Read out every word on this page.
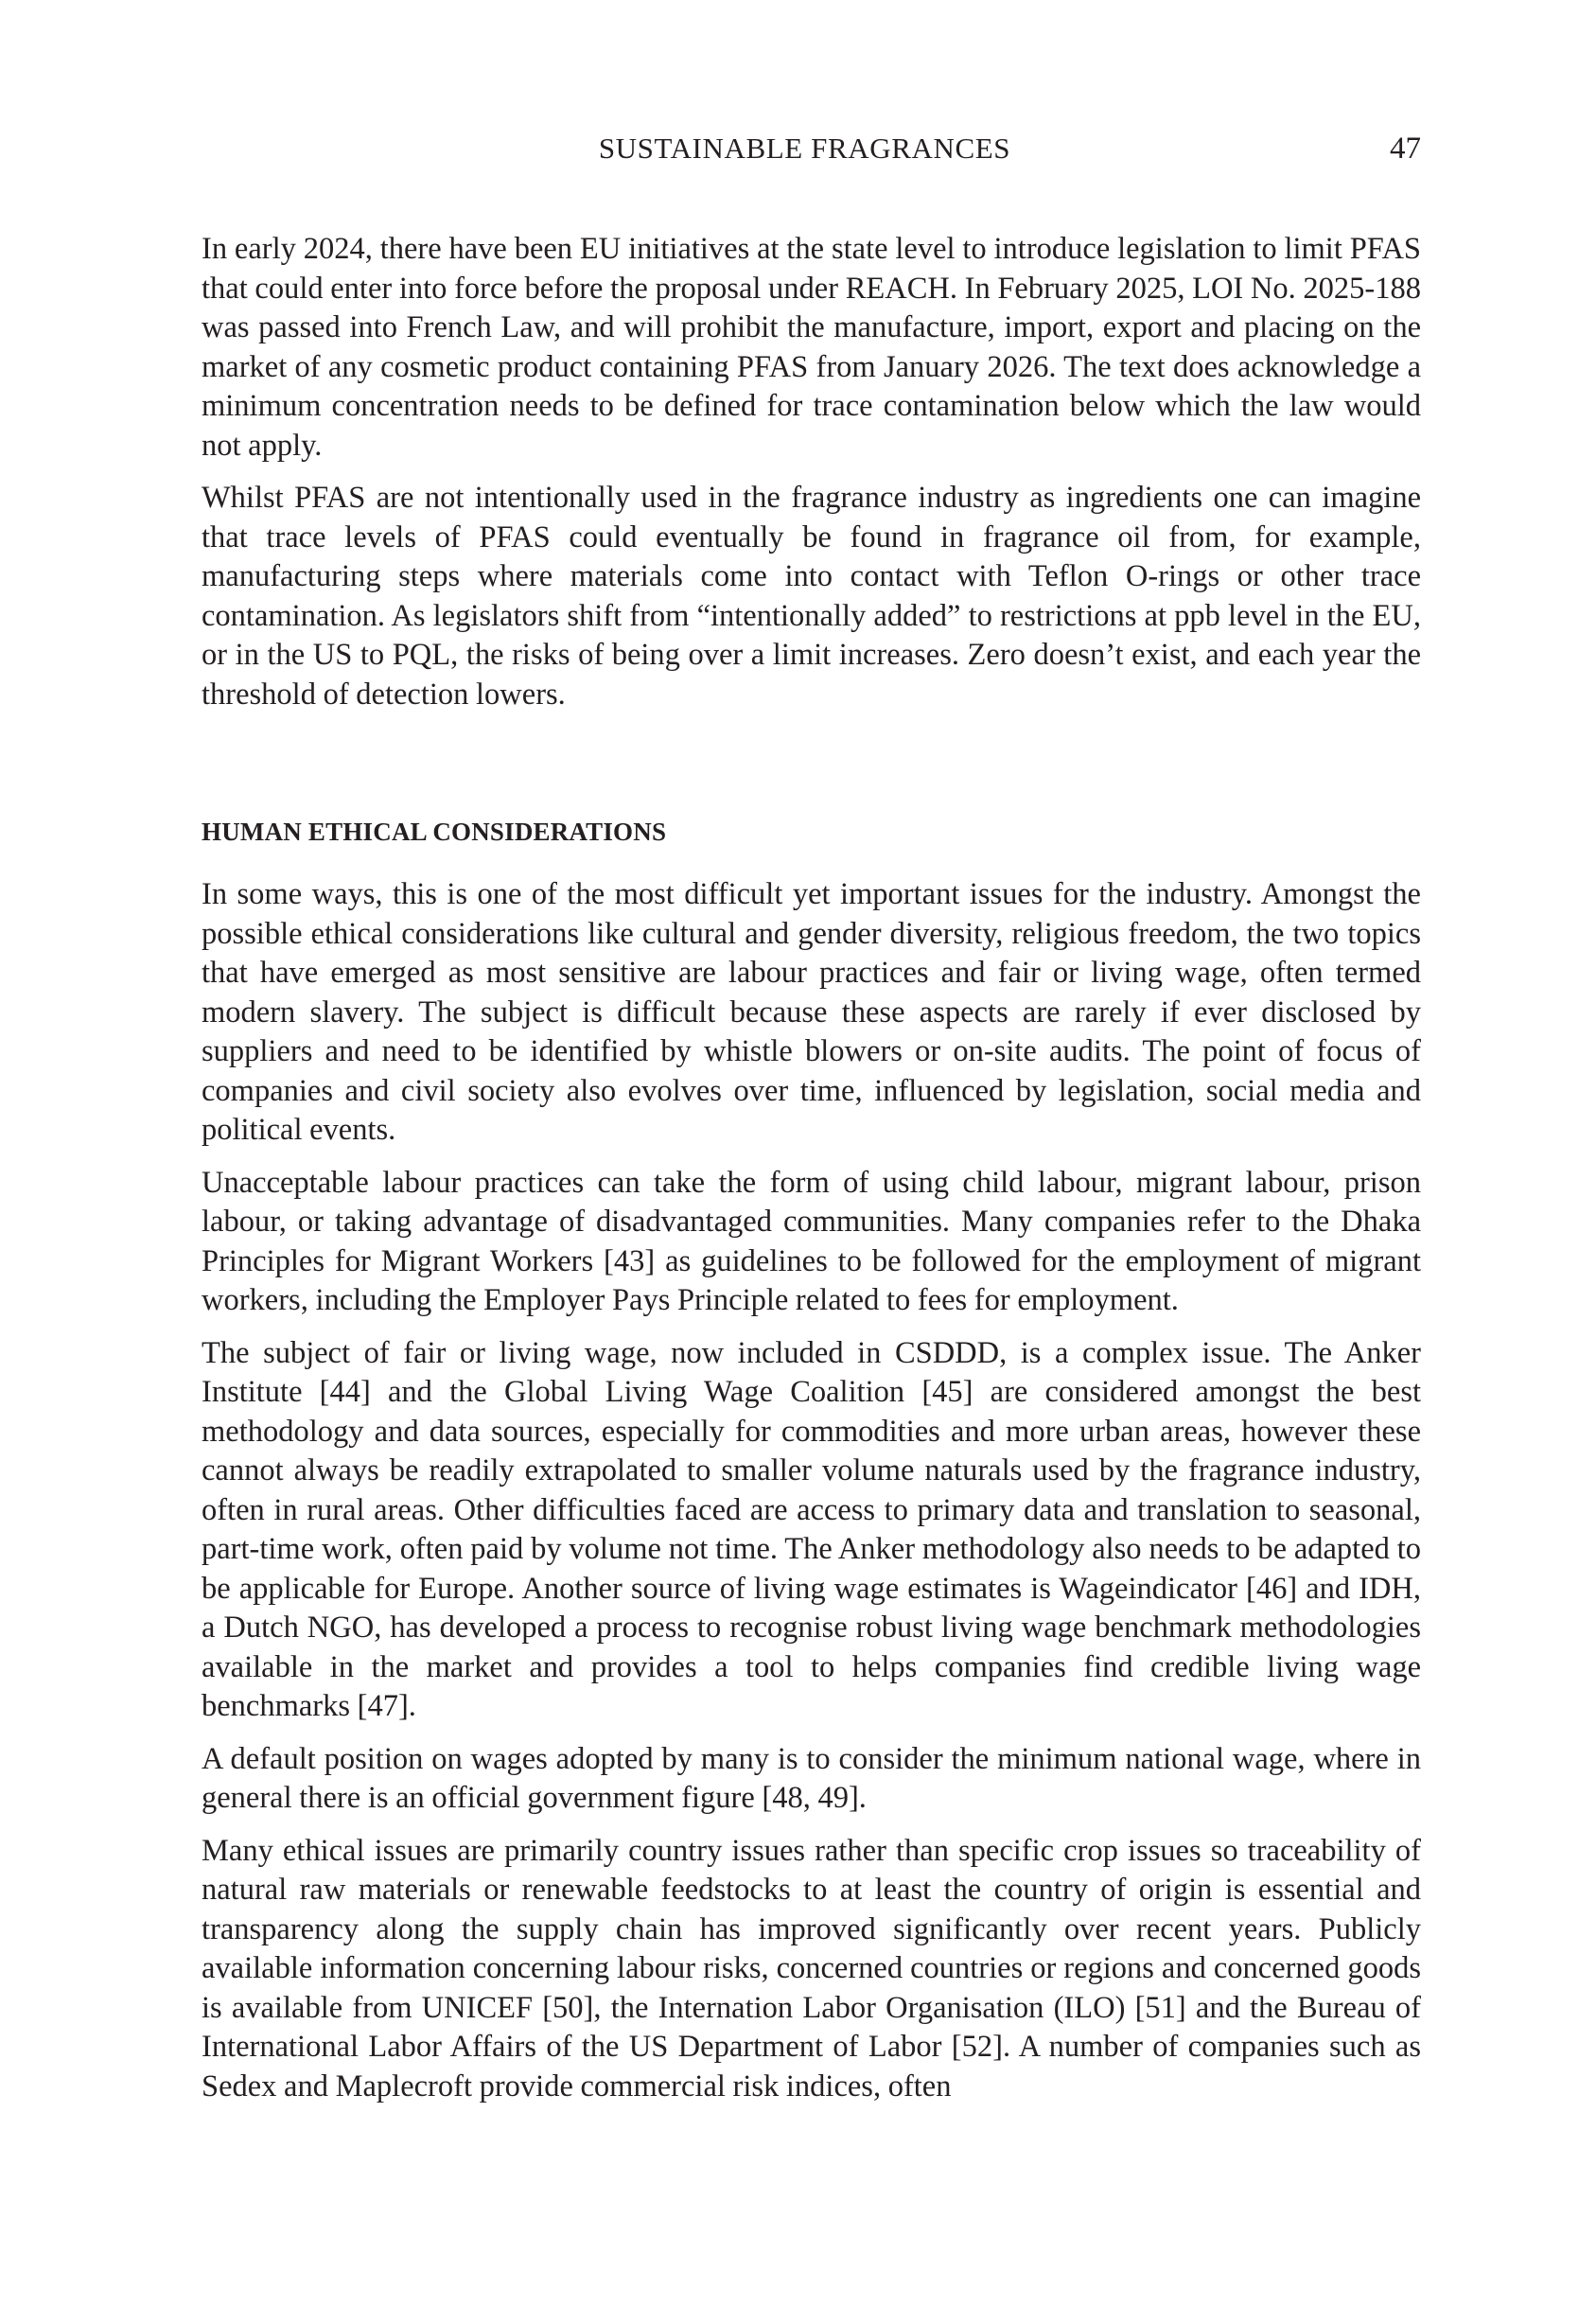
SUSTAINABLE FRAGRANCES	47

In early 2024, there have been EU initiatives at the state level to introduce legislation to limit PFAS that could enter into force before the proposal under REACH. In February 2025, LOI No. 2025-188 was passed into French Law, and will prohibit the manufacture, import, export and placing on the market of any cosmetic product containing PFAS from January 2026. The text does acknowledge a minimum concentration needs to be defined for trace contamination below which the law would not apply.

Whilst PFAS are not intentionally used in the fragrance industry as ingredients one can imagine that trace levels of PFAS could eventually be found in fragrance oil from, for example, manufacturing steps where materials come into contact with Teflon O-rings or other trace contamination. As legislators shift from “intentionally added” to restrictions at ppb level in the EU, or in the US to PQL, the risks of being over a limit increases. Zero doesn’t exist, and each year the threshold of detection lowers.

HUMAN ETHICAL CONSIDERATIONS

In some ways, this is one of the most difficult yet important issues for the industry. Amongst the possible ethical considerations like cultural and gender diversity, religious freedom, the two topics that have emerged as most sensitive are labour practices and fair or living wage, often termed modern slavery. The subject is difficult because these aspects are rarely if ever disclosed by suppliers and need to be identified by whistle blowers or on-site audits. The point of focus of companies and civil society also evolves over time, influenced by legislation, social media and political events.

Unacceptable labour practices can take the form of using child labour, migrant labour, prison labour, or taking advantage of disadvantaged communities. Many companies refer to the Dhaka Principles for Migrant Workers [43] as guidelines to be followed for the employment of migrant workers, including the Employer Pays Principle related to fees for employment.

The subject of fair or living wage, now included in CSDDD, is a complex issue. The Anker Institute [44] and the Global Living Wage Coalition [45] are considered amongst the best methodology and data sources, especially for commodities and more urban areas, however these cannot always be readily extrapolated to smaller volume naturals used by the fragrance industry, often in rural areas. Other difficulties faced are access to primary data and translation to seasonal, part-time work, often paid by volume not time. The Anker methodology also needs to be adapted to be applicable for Europe. Another source of living wage estimates is Wageindicator [46] and IDH, a Dutch NGO, has developed a process to recognise robust living wage benchmark methodologies available in the market and provides a tool to helps companies find credible living wage benchmarks [47].

A default position on wages adopted by many is to consider the minimum national wage, where in general there is an official government figure [48, 49].

Many ethical issues are primarily country issues rather than specific crop issues so traceability of natural raw materials or renewable feedstocks to at least the country of origin is essential and transparency along the supply chain has improved significantly over recent years. Publicly available information concerning labour risks, concerned countries or regions and concerned goods is available from UNICEF [50], the Internation Labor Organisation (ILO) [51] and the Bureau of International Labor Affairs of the US Department of Labor [52]. A number of companies such as Sedex and Maplecroft provide commercial risk indices, often
